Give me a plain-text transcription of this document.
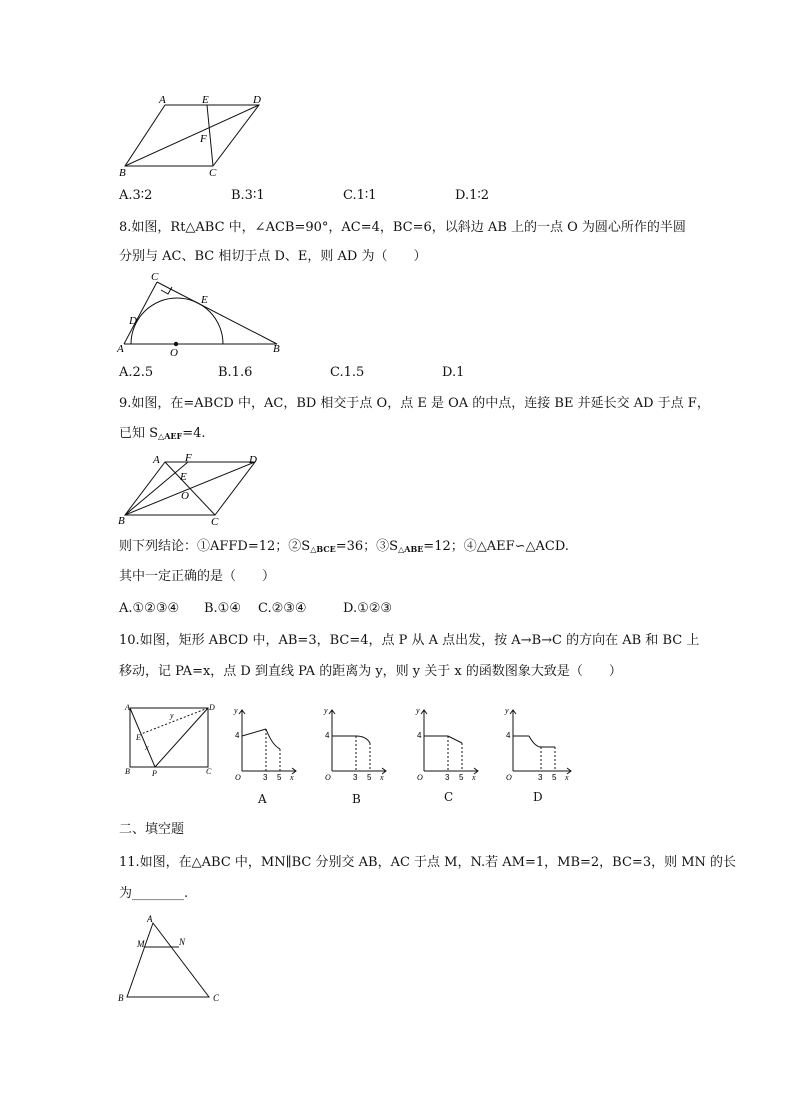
A	E	D
F
B	C
A.3∶2	B.3∶1	C.1∶1	D.1∶2
8.如图，Rt△ABC 中，∠ACB=90°，AC=4，BC=6，以斜边 AB 上的一点 O 为圆心所作的半圆
分别与 AC、BC 相切于点 D、E，则 AD 为（　　）
C
E
D
A	O	B
A.2.5	B.1.6	C.1.5	D.1
9.如图，在=ABCD 中，AC，BD 相交于点 O，点 E 是 OA 的中点，连接 BE 并延长交 AD 于点 F，
已知 $S_{\triangle AEF}=4$.
A F	D
E
O
B	C
则下列结论：①AFFD=12；$②S_{\triangle BCE}=36$；$③S_{\triangle ABE}=12$；④△AEF∽△ACD.
其中一定正确的是（　　）
A.①②③④ B.①④ C.②③④	D.①②③
10.如图，矩形 ABCD 中，AB=3，BC=4，点 P 从 A 点出发，按 A→B→C 的方向在 AB 和 BC 上
移动，记 PA=x，点 D 到直线 PA 的距离为 y，则 y 关于 x 的函数图象大致是（　　）
A	D
y
E
x
B	P	C
y
4
O	3 5 x
y
4
O	3 5 x
y
4
O	3 5 x
y
4
O	3 5 x
A	B	C	D
二、填空题
11.如图，在△ABC 中，MN∥BC 分别交 AB，AC 于点 M，N.若 AM=1，MB=2，BC=3，则 MN 的长
为________.
A
M	N
B	C
